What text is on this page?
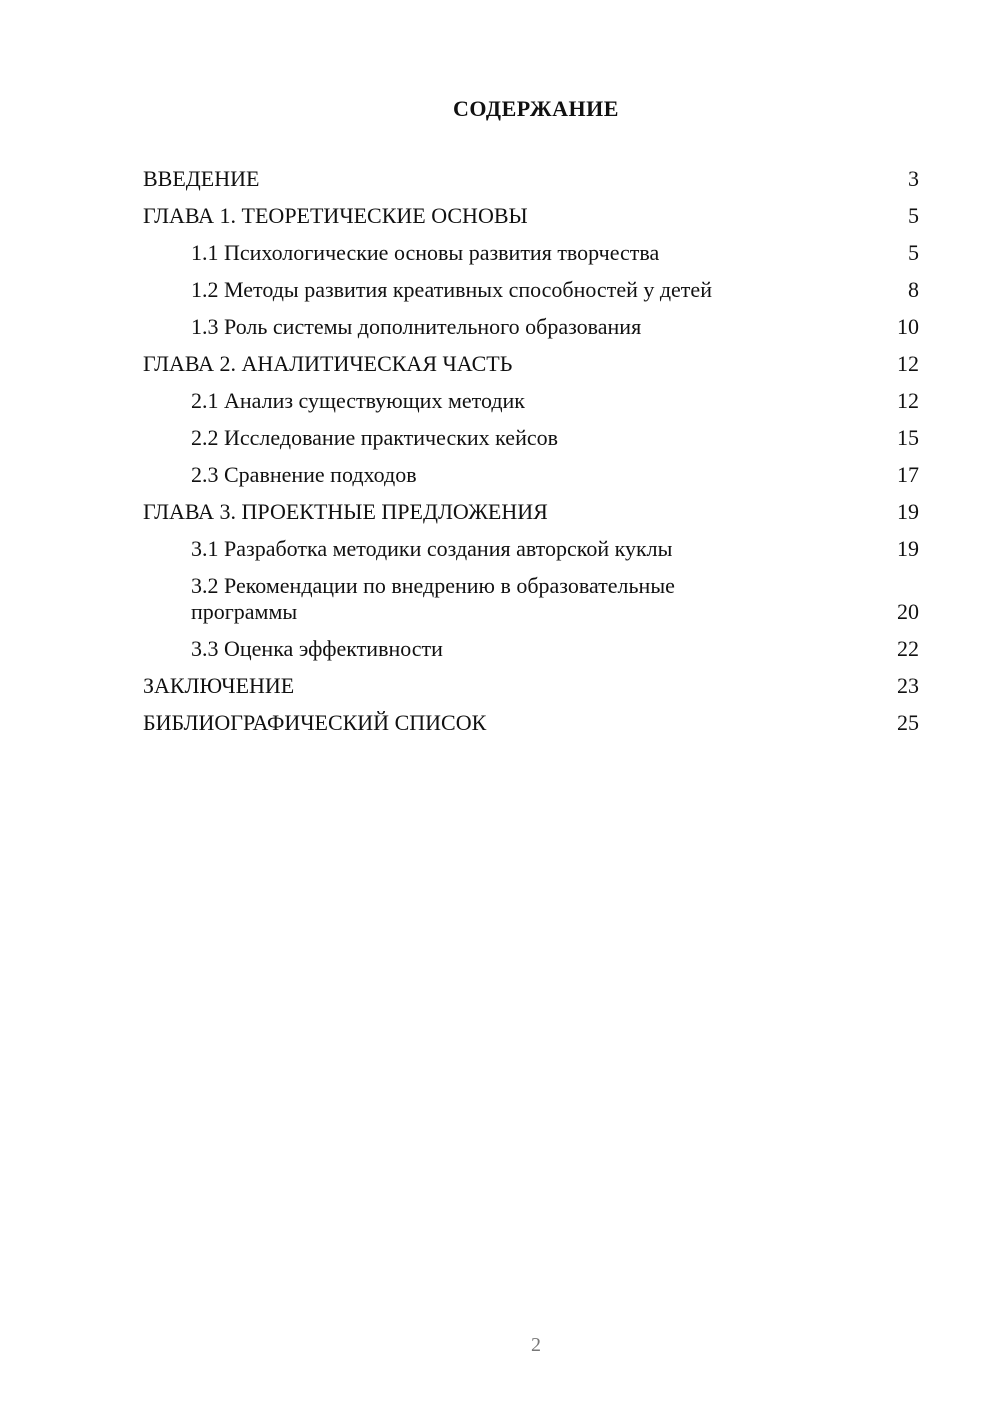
СОДЕРЖАНИЕ
ВВЕДЕНИЕ	3
ГЛАВА 1. ТЕОРЕТИЧЕСКИЕ ОСНОВЫ	5
1.1 Психологические основы развития творчества	5
1.2 Методы развития креативных способностей у детей	8
1.3 Роль системы дополнительного образования	10
ГЛАВА 2. АНАЛИТИЧЕСКАЯ ЧАСТЬ	12
2.1 Анализ существующих методик	12
2.2 Исследование практических кейсов	15
2.3 Сравнение подходов	17
ГЛАВА 3. ПРОЕКТНЫЕ ПРЕДЛОЖЕНИЯ	19
3.1 Разработка методики создания авторской куклы	19
3.2 Рекомендации по внедрению в образовательные программы	20
3.3 Оценка эффективности	22
ЗАКЛЮЧЕНИЕ	23
БИБЛИОГРАФИЧЕСКИЙ СПИСОК	25
2
